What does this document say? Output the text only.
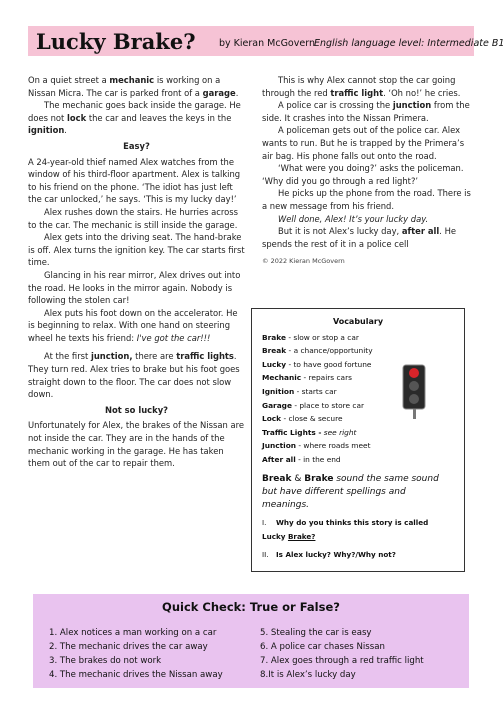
Lucky Brake? by Kieran McGovern English language level: Intermediate B1

On a quiet street a mechanic is working on a Nissan Micra. The car is parked front of a garage.

The mechanic goes back inside the garage. He does not lock the car and leaves the keys in the ignition.

Easy?

A 24-year-old thief named Alex watches from the window of his third-floor apartment. Alex is talking to his friend on the phone. ‘The idiot has just left the car unlocked,’ he says. ‘This is my lucky day!’

Alex rushes down the stairs. He hurries across to the car. The mechanic is still inside the garage.

Alex gets into the driving seat. The hand-brake is off. Alex turns the ignition key. The car starts first time.

Glancing in his rear mirror, Alex drives out into the road. He looks in the mirror again. Nobody is following the stolen car!

Alex puts his foot down on the accelerator. He is beginning to relax. With one hand on steering wheel he texts his friend: I've got the car!!!

At the first junction, there are traffic lights. They turn red. Alex tries to brake but his foot goes straight down to the floor. The car does not slow down.

Not so lucky?

Unfortunately for Alex, the brakes of the Nissan are not inside the car. They are in the hands of the mechanic working in the garage. He has taken them out of the car to repair them.

This is why Alex cannot stop the car going through the red traffic light. ‘Oh no!’ he cries.

A police car is crossing the junction from the side. It crashes into the Nissan Primera.

A policeman gets out of the police car. Alex wants to run. But he is trapped by the Primera’s air bag. His phone falls out onto the road.

‘What were you doing?’ asks the policeman. ‘Why did you go through a red light?’

He picks up the phone from the road. There is a new message from his friend.

Well done, Alex! It’s your lucky day.

But it is not Alex’s lucky day, after all. He spends the rest of it in a police cell

© 2022 Kieran McGovern

Vocabulary
Brake - slow or stop a car
Break - a chance/opportunity
Lucky - to have good fortune
Mechanic - repairs cars
Ignition - starts car
Garage - place to store car
Lock - close & secure
Traffic Lights - see right
Junction - where roads meet
After all - in the end
Break & Brake sound the same sound but have different spellings and meanings.
I. Why do you thinks this story is called Lucky Brake?
II. Is Alex lucky? Why?/Why not?
Quick Check: True or False?

1. Alex notices a man working on a car

2. The mechanic drives the car away

3. The brakes do not work

4. The mechanic drives the Nissan away

5. Stealing the car is easy

6. A police car chases Nissan

7. Alex goes through a red traffic light

8.It is Alex’s lucky day
